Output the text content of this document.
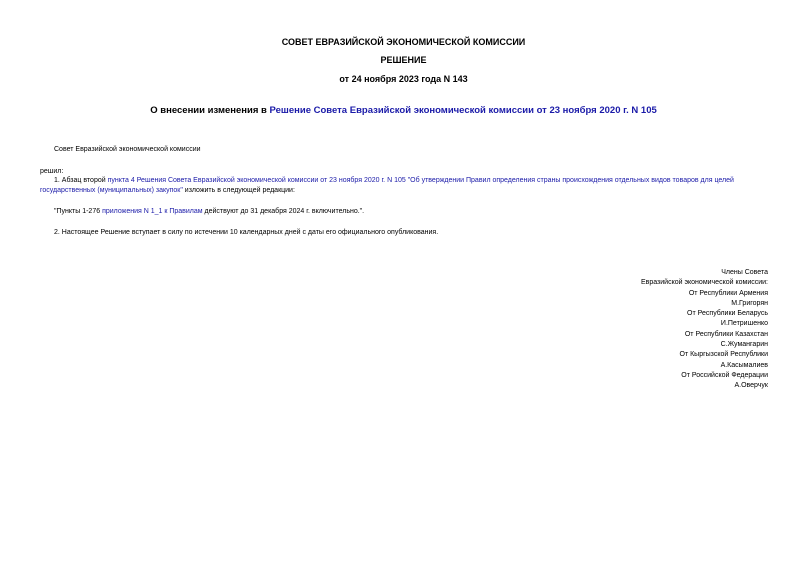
СОВЕТ ЕВРАЗИЙСКОЙ ЭКОНОМИЧЕСКОЙ КОМИССИИ
РЕШЕНИЕ
от 24 ноября 2023 года N 143
О внесении изменения в Решение Совета Евразийской экономической комиссии от 23 ноября 2020 г. N 105
Совет Евразийской экономической комиссии
решил:
1. Абзац второй пункта 4 Решения Совета Евразийской экономической комиссии от 23 ноября 2020 г. N 105 "Об утверждении Правил определения страны происхождения отдельных видов товаров для целей государственных (муниципальных) закупок" изложить в следующей редакции:
"Пункты 1-276 приложения N 1_1 к Правилам действуют до 31 декабря 2024 г. включительно.".
2. Настоящее Решение вступает в силу по истечении 10 календарных дней с даты его официального опубликования.
Члены Совета
Евразийской экономической комиссии:
От Республики Армения
М.Григорян
От Республики Беларусь
И.Петришенко
От Республики Казахстан
С.Жумангарин
От Кыргызской Республики
А.Касымалиев
От Российской Федерации
А.Оверчук
